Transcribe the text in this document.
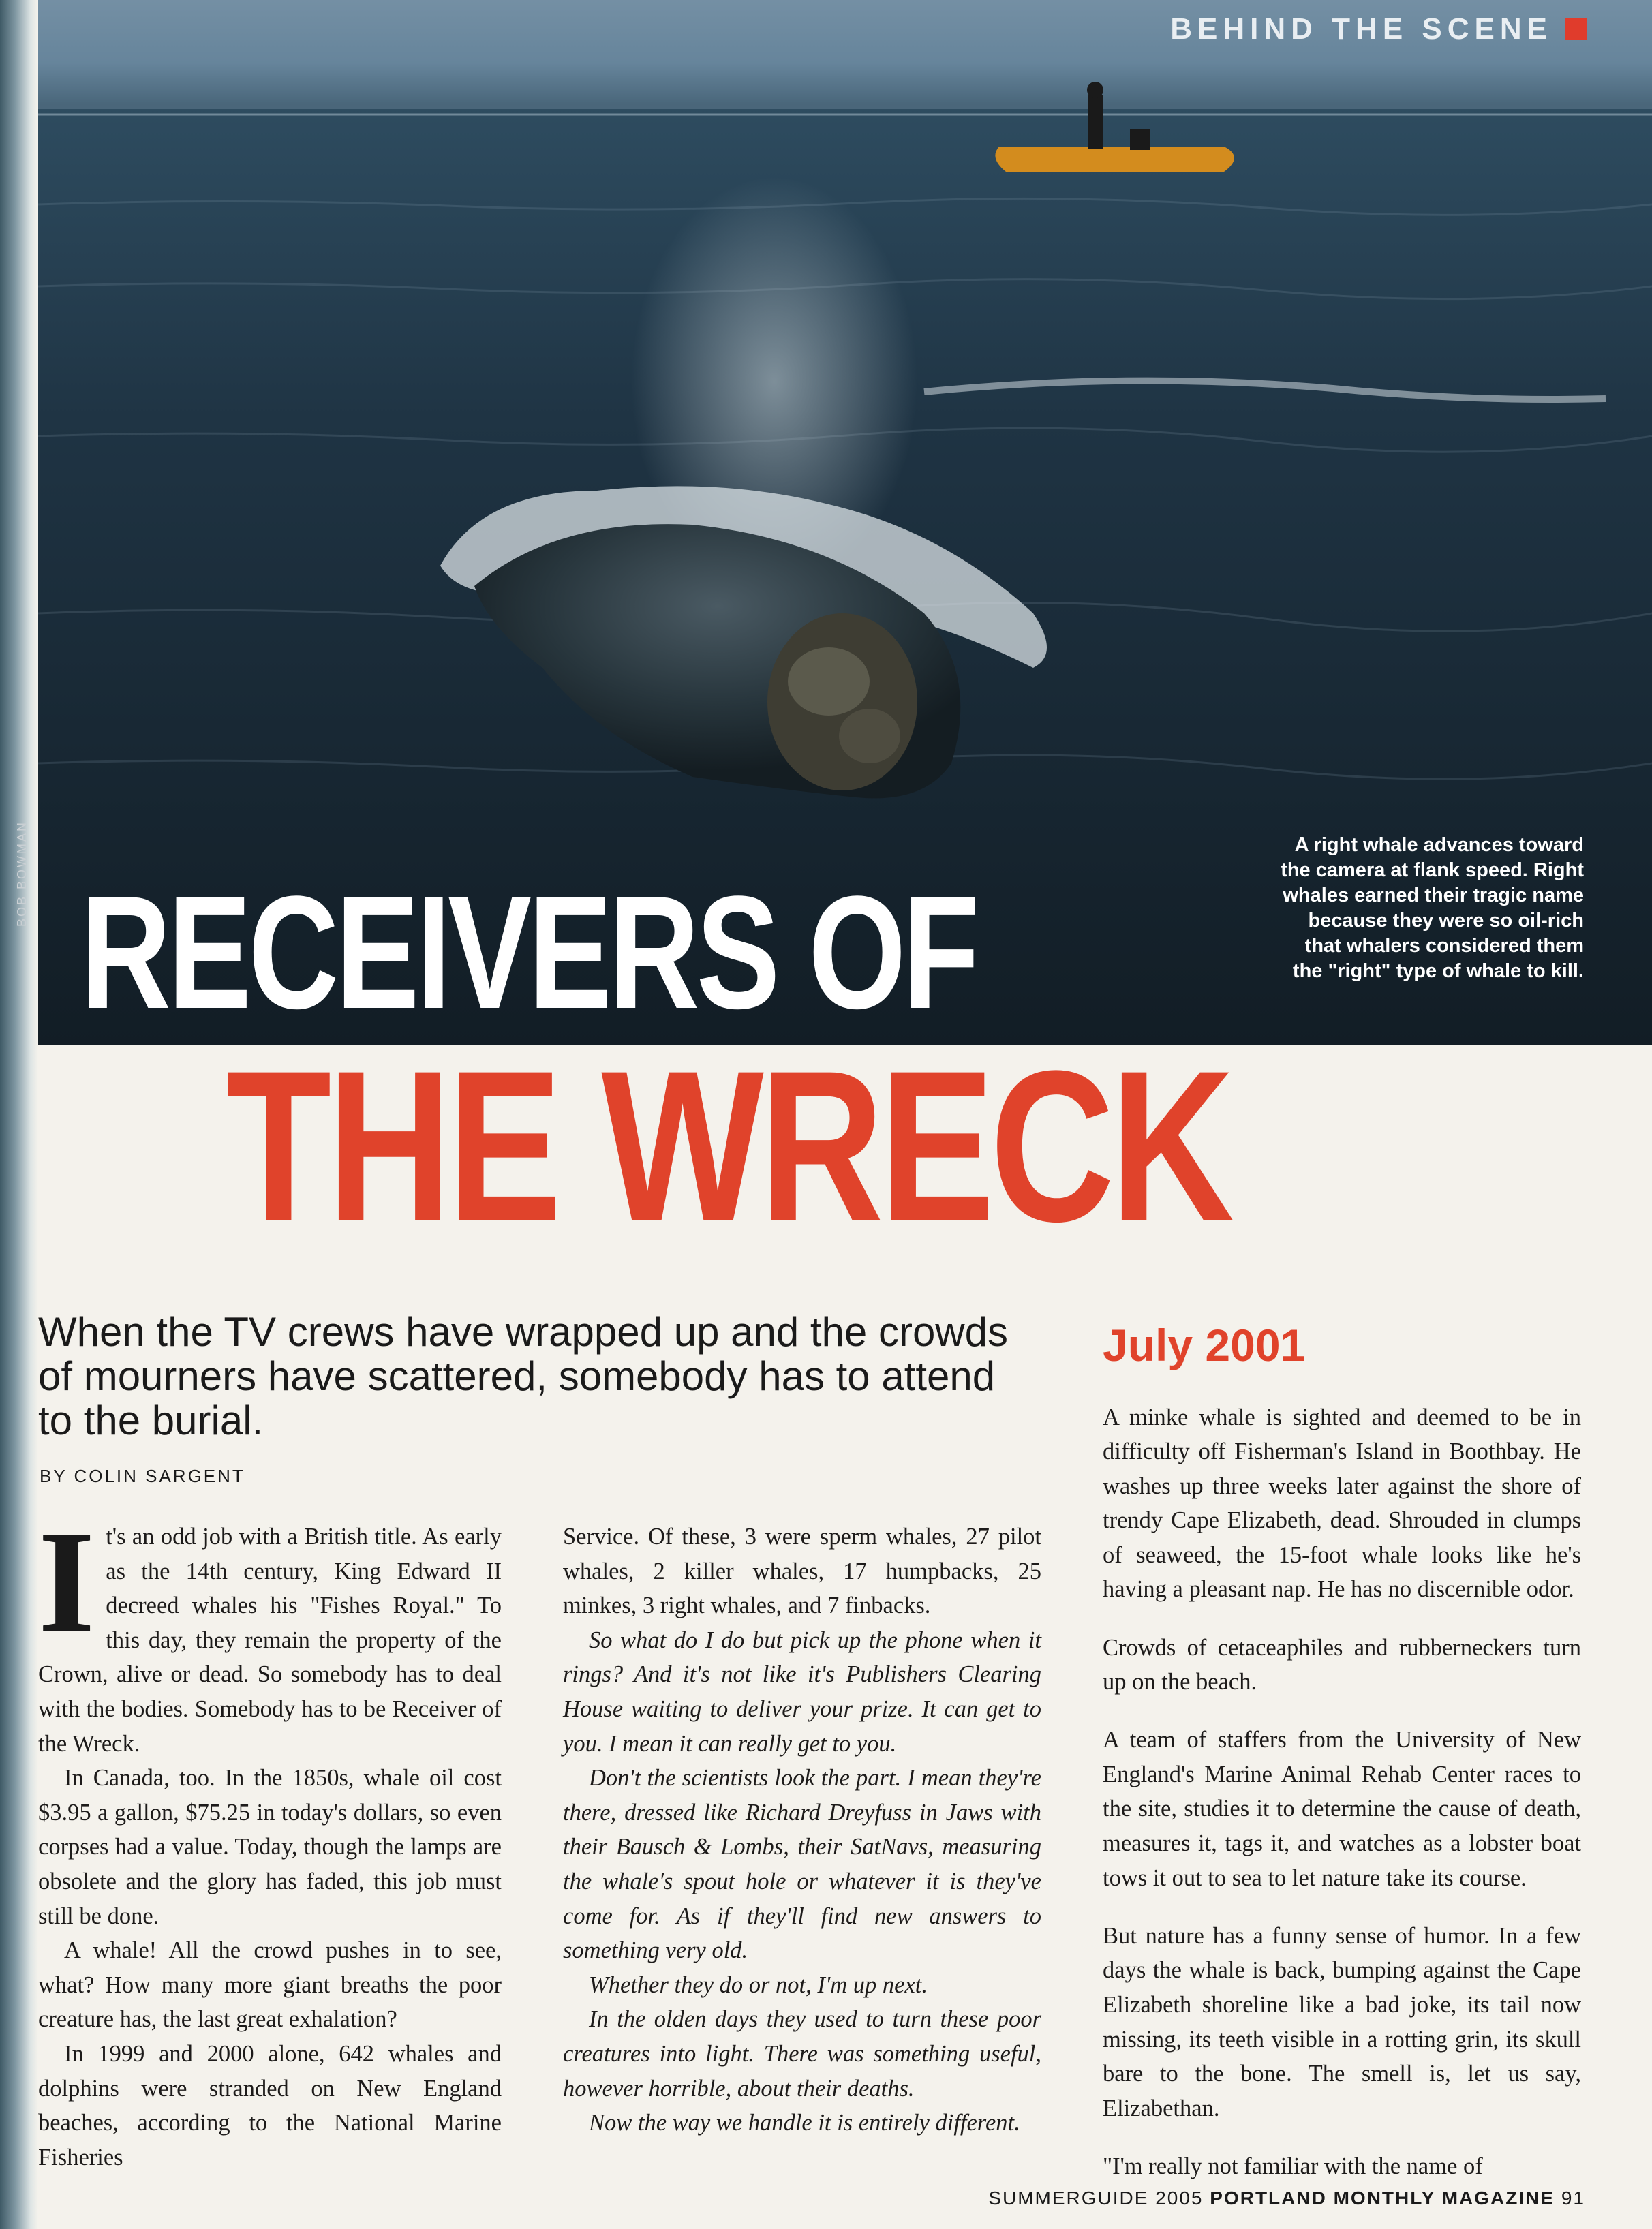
BEHIND THE SCENE
A right whale advances toward the camera at flank speed. Right whales earned their tragic name because they were so oil-rich that whalers considered them the "right" type of whale to kill.
BOB BOWMAN RECEIVERS OF
THE WRECK
When the TV crews have wrapped up and the crowds of mourners have scattered, somebody has to attend to the burial.
BY COLIN SARGENT

It's an odd job with a British title. As early as the 14th century, King Edward II decreed whales his "Fishes Royal." To this day, they remain the property of the Crown, alive or dead. So somebody has to deal with the bodies. Somebody has to be Receiver of the Wreck.

In Canada, too. In the 1850s, whale oil cost $3.95 a gallon, $75.25 in today's dollars, so even corpses had a value. Today, though the lamps are obsolete and the glory has faded, this job must still be done.

A whale! All the crowd pushes in to see, what? How many more giant breaths the poor creature has, the last great exhalation?

In 1999 and 2000 alone, 642 whales and dolphins were stranded on New England beaches, according to the National Marine Fisheries

Service. Of these, 3 were sperm whales, 27 pilot whales, 2 killer whales, 17 humpbacks, 25 minkes, 3 right whales, and 7 finbacks.

So what do I do but pick up the phone when it rings? And it's not like it's Publishers Clearing House waiting to deliver your prize. It can get to you. I mean it can really get to you.

Don't the scientists look the part. I mean they're there, dressed like Richard Dreyfuss in Jaws with their Bausch & Lombs, their SatNavs, measuring the whale's spout hole or whatever it is they've come for. As if they'll find new answers to something very old.

Whether they do or not, I'm up next.

In the olden days they used to turn these poor creatures into light. There was something useful, however horrible, about their deaths.

Now the way we handle it is entirely different.

July 2001

A minke whale is sighted and deemed to be in difficulty off Fisherman's Island in Boothbay. He washes up three weeks later against the shore of trendy Cape Elizabeth, dead. Shrouded in clumps of seaweed, the 15-foot whale looks like he's having a pleasant nap. He has no discernible odor.

Crowds of cetaceaphiles and rubberneckers turn up on the beach.

A team of staffers from the University of New England's Marine Animal Rehab Center races to the site, studies it to determine the cause of death, measures it, tags it, and watches as a lobster boat tows it out to sea to let nature take its course.

But nature has a funny sense of humor. In a few days the whale is back, bumping against the Cape Elizabeth shoreline like a bad joke, its tail now missing, its teeth visible in a rotting grin, its skull bare to the bone. The smell is, let us say, Elizabethan.

"I'm really not familiar with the name of

SUMMERGUIDE 2005 PORTLAND MONTHLY MAGAZINE 91
